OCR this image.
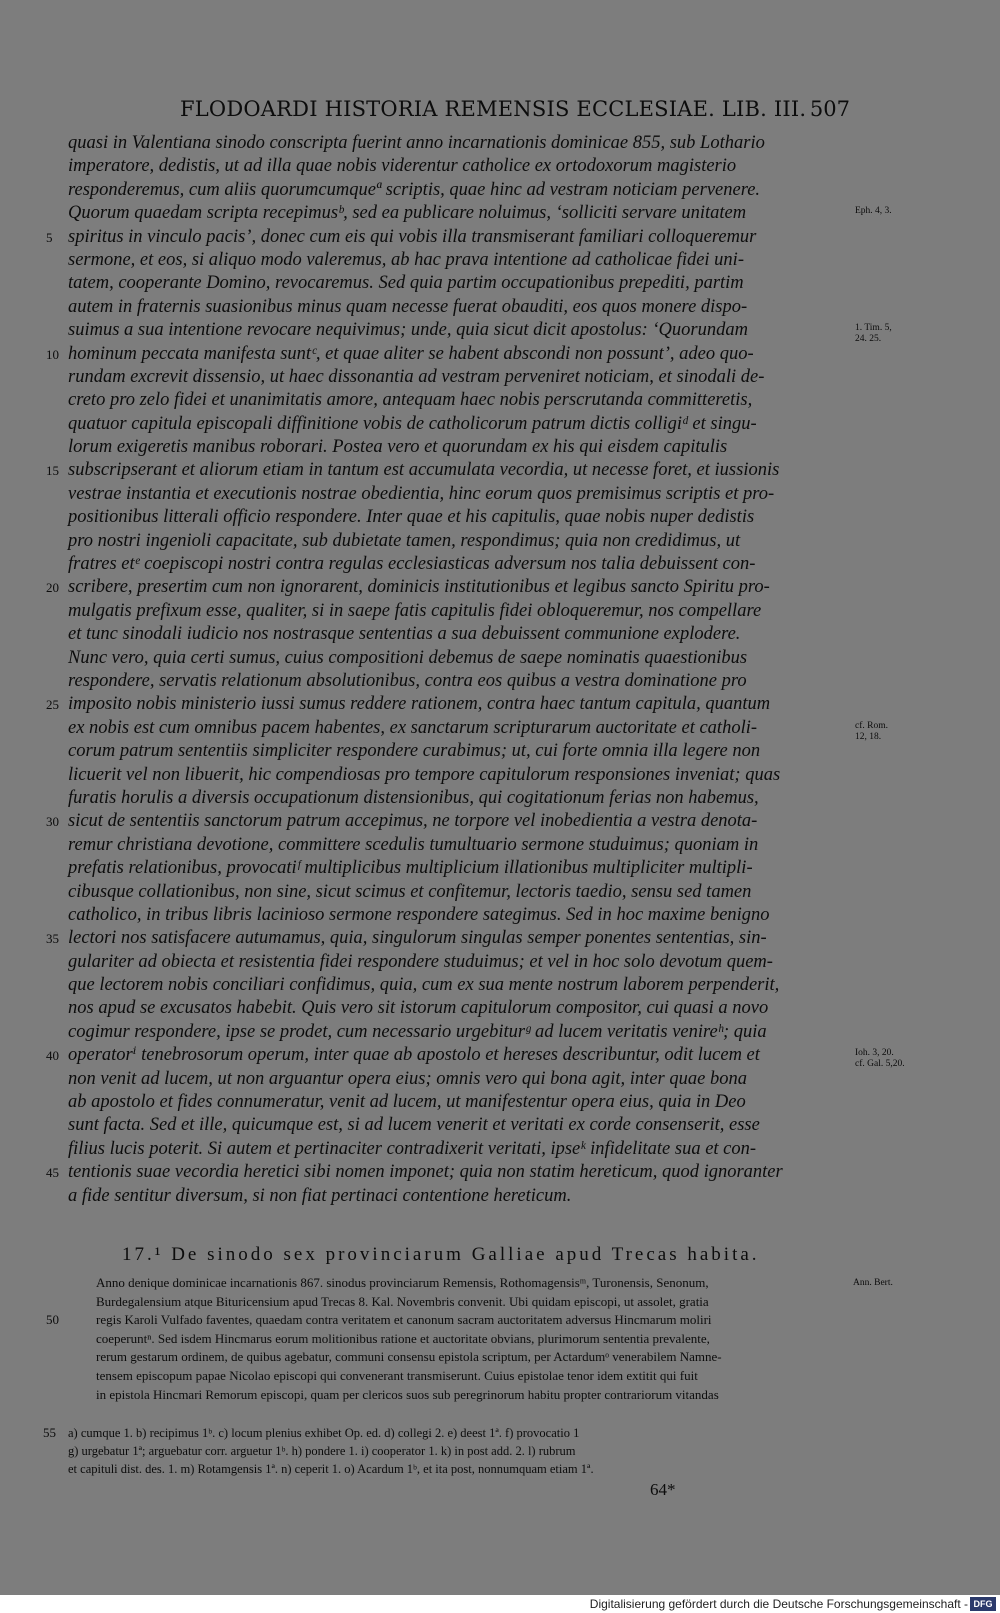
FLODOARDI HISTORIA REMENSIS ECCLESIAE. LIB. III. 507
quasi in Valentiana sinodo conscripta fuerint anno incarnationis dominicae 855, sub Lothario
imperatore, dedistis, ut ad illa quae nobis viderentur catholice ex ortodoxorum magisterio
responderemus, cum aliis quorumcumqueª scriptis, quae hinc ad vestram noticiam pervenere.
Quorum quaedam scripta recepimusᵇ, sed ea publicare noluimus, ‘solliciti servare unitatem	Eph. 4, 3.
spiritus in vinculo pacis’, donec cum eis qui vobis illa transmiserant familiari colloqueremur
5
sermone, et eos, si aliquo modo valeremus, ab hac prava intentione ad catholicae fidei uni-
tatem, cooperante Domino, revocaremus. Sed quia partim occupationibus prepediti, partim
autem in fraternis suasionibus minus quam necesse fuerat obauditi, eos quos monere dispo-
suimus a sua intentione revocare nequivimus; unde, quia sicut dicit apostolus: ‘Quorundam	1. Tim. 5,
24. 25.
hominum peccata manifesta suntᶜ, et quae aliter se habent abscondi non possunt’, adeo quo-
10
rundam excrevit dissensio, ut haec dissonantia ad vestram perveniret noticiam, et sinodali de-
creto pro zelo fidei et unanimitatis amore, antequam haec nobis perscrutanda committeretis,
quatuor capitula episcopali diffinitione vobis de catholicorum patrum dictis colligiᵈ et singu-
lorum exigeretis manibus roborari. Postea vero et quorundam ex his qui eisdem capitulis
subscripserant et aliorum etiam in tantum est accumulata vecordia, ut necesse foret, et iussionis
15
vestrae instantia et executionis nostrae obedientia, hinc eorum quos premisimus scriptis et pro-
positionibus litterali officio respondere. Inter quae et his capitulis, quae nobis nuper dedistis
pro nostri ingenioli capacitate, sub dubietate tamen, respondimus; quia non credidimus, ut
fratres etᵉ coepiscopi nostri contra regulas ecclesiasticas adversum nos talia debuissent con-
scribere, presertim cum non ignorarent, dominicis institutionibus et legibus sancto Spiritu pro-
20
mulgatis prefixum esse, qualiter, si in saepe fatis capitulis fidei obloqueremur, nos compellare
et tunc sinodali iudicio nos nostrasque sententias a sua debuissent communione explodere.
Nunc vero, quia certi sumus, cuius compositioni debemus de saepe nominatis quaestionibus
respondere, servatis relationum absolutionibus, contra eos quibus a vestra dominatione pro
imposito nobis ministerio iussi sumus reddere rationem, contra haec tantum capitula, quantum
25
ex nobis est cum omnibus pacem habentes, ex sanctarum scripturarum auctoritate et catholi-	cf. Rom.
12, 18.
corum patrum sententiis simpliciter respondere curabimus; ut, cui forte omnia illa legere non
licuerit vel non libuerit, hic compendiosas pro tempore capitulorum responsiones inveniat; quas
furatis horulis a diversis occupationum distensionibus, qui cogitationum ferias non habemus,
sicut de sententiis sanctorum patrum accepimus, ne torpore vel inobedientia a vestra denota-
30
remur christiana devotione, committere scedulis tumultuario sermone studuimus; quoniam in
prefatis relationibus, provocatiᶠ multiplicibus multiplicium illationibus multipliciter multipli-
cibusque collationibus, non sine, sicut scimus et confitemur, lectoris taedio, sensu sed tamen
catholico, in tribus libris lacinioso sermone respondere sategimus. Sed in hoc maxime benigno
lectori nos satisfacere autumamus, quia, singulorum singulas semper ponentes sententias, sin-
35
gulariter ad obiecta et resistentia fidei respondere studuimus; et vel in hoc solo devotum quem-
que lectorem nobis conciliari confidimus, quia, cum ex sua mente nostrum laborem perpenderit,
nos apud se excusatos habebit. Quis vero sit istorum capitulorum compositor, cui quasi a novo
cogimur respondere, ipse se prodet, cum necessario urgebiturᵍ ad lucem veritatis venireʰ; quia
operatorⁱ tenebrosorum operum, inter quae ab apostolo et hereses describuntur, odit lucem et
40	Ioh. 3, 20.
cf. Gal. 5,20.
non venit ad lucem, ut non arguantur opera eius; omnis vero qui bona agit, inter quae bona
ab apostolo et fides connumeratur, venit ad lucem, ut manifestentur opera eius, quia in Deo
sunt facta. Sed et ille, quicumque est, si ad lucem venerit et veritati ex corde consenserit, esse
filius lucis poterit. Si autem et pertinaciter contradixerit veritati, ipseᵏ infidelitate sua et con-
tentionis suae vecordia heretici sibi nomen imponet; quia non statim hereticum, quod ignoranter
45
a fide sentitur diversum, si non fiat pertinaci contentione hereticum.
17.¹ De sinodo sex provinciarum Galliae apud Trecas habita.
Anno denique dominicae incarnationis 867. sinodus provinciarum Remensis, Rothomagensisᵐ, Turonensis, Senonum,	Ann. Bert.
Burdegalensium atque Bituricensium apud Trecas 8. Kal. Novembris convenit. Ubi quidam episcopi, ut assolet, gratia
regis Karoli Vulfado faventes, quaedam contra veritatem et canonum sacram auctoritatem adversus Hincmarum moliri
50
coeperuntⁿ. Sed isdem Hincmarus eorum molitionibus ratione et auctoritate obvians, plurimorum sententia prevalente,
rerum gestarum ordinem, de quibus agebatur, communi consensu epistola scriptum, per Actardumᵒ venerabilem Namne-
tensem episcopum papae Nicolao episcopi qui convenerant transmiserunt. Cuius epistolae tenor idem extitit qui fuit
in epistola Hincmari Remorum episcopi, quam per clericos suos sub peregrinorum habitu propter contrariorum vitandas
a) cumque 1. b) recipimus 1ᵇ. c) locum plenius exhibet Op. ed. d) collegi 2. e) deest 1ª. f) provocatio 1
55
g) urgebatur 1ª; arguebatur corr. arguetur 1ᵇ. h) pondere 1. i) cooperator 1. k) in post add. 2. l) rubrum
et capituli dist. des. 1. m) Rotamgensis 1ª. n) ceperit 1. o) Acardum 1ᵇ, et ita post, nonnumquam etiam 1ª.
64*
Digitalisierung gefördert durch die Deutsche Forschungsgemeinschaft - DFG
